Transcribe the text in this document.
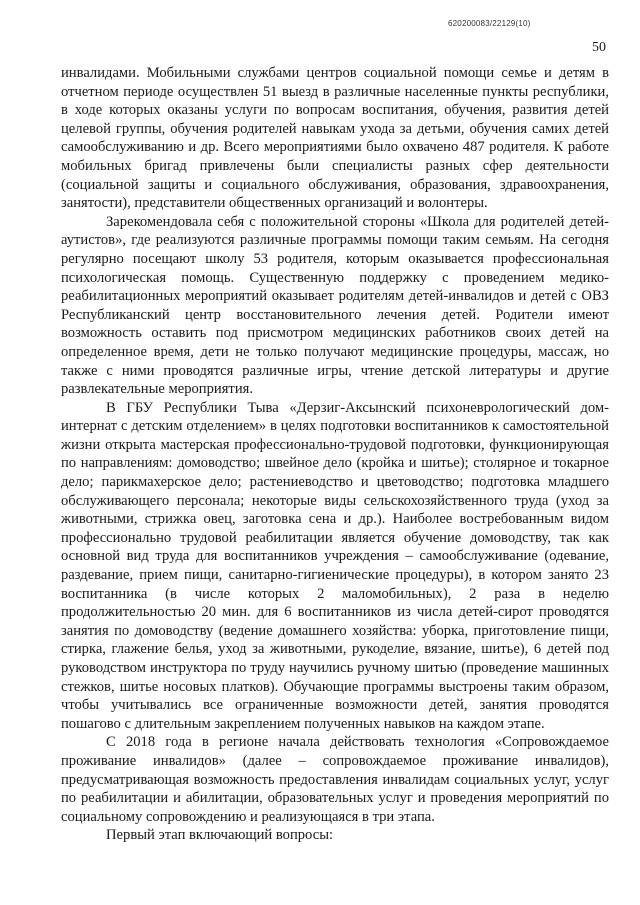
620200083/22129(10)
50

инвалидами. Мобильными службами центров социальной помощи семье и детям в отчетном периоде осуществлен 51 выезд в различные населенные пункты республики, в ходе которых оказаны услуги по вопросам воспитания, обучения, развития детей целевой группы, обучения родителей навыкам ухода за детьми, обучения самих детей самообслуживанию и др. Всего мероприятиями было охвачено 487 родителя. К работе мобильных бригад привлечены были специалисты разных сфер деятельности (социальной защиты и социального обслуживания, образования, здравоохранения, занятости), представители общественных организаций и волонтеры.

Зарекомендовала себя с положительной стороны «Школа для родителей детей-аутистов», где реализуются различные программы помощи таким семьям. На сегодня регулярно посещают школу 53 родителя, которым оказывается профессиональная психологическая помощь. Существенную поддержку с проведением медико-реабилитационных мероприятий оказывает родителям детей-инвалидов и детей с ОВЗ Республиканский центр восстановительного лечения детей. Родители имеют возможность оставить под присмотром медицинских работников своих детей на определенное время, дети не только получают медицинские процедуры, массаж, но также с ними проводятся различные игры, чтение детской литературы и другие развлекательные мероприятия.

В ГБУ Республики Тыва «Дерзиг-Аксынский психоневрологический дом-интернат с детским отделением» в целях подготовки воспитанников к самостоятельной жизни открыта мастерская профессионально-трудовой подготовки, функционирующая по направлениям: домоводство; швейное дело (кройка и шитье); столярное и токарное дело; парикмахерское дело; растениеводство и цветоводство; подготовка младшего обслуживающего персонала; некоторые виды сельскохозяйственного труда (уход за животными, стрижка овец, заготовка сена и др.). Наиболее востребованным видом профессионально трудовой реабилитации является обучение домоводству, так как основной вид труда для воспитанников учреждения – самообслуживание (одевание, раздевание, прием пищи, санитарно-гигиенические процедуры), в котором занято 23 воспитанника (в числе которых 2 маломобильных), 2 раза в неделю продолжительностью 20 мин. для 6 воспитанников из числа детей-сирот проводятся занятия по домоводству (ведение домашнего хозяйства: уборка, приготовление пищи, стирка, глажение белья, уход за животными, рукоделие, вязание, шитье), 6 детей под руководством инструктора по труду научились ручному шитью (проведение машинных стежков, шитье носовых платков). Обучающие программы выстроены таким образом, чтобы учитывались все ограниченные возможности детей, занятия проводятся пошагово с длительным закреплением полученных навыков на каждом этапе.

С 2018 года в регионе начала действовать технология «Сопровождаемое проживание инвалидов» (далее – сопровождаемое проживание инвалидов), предусматривающая возможность предоставления инвалидам социальных услуг, услуг по реабилитации и абилитации, образовательных услуг и проведения мероприятий по социальному сопровождению и реализующаяся в три этапа.

Первый этап включающий вопросы:
